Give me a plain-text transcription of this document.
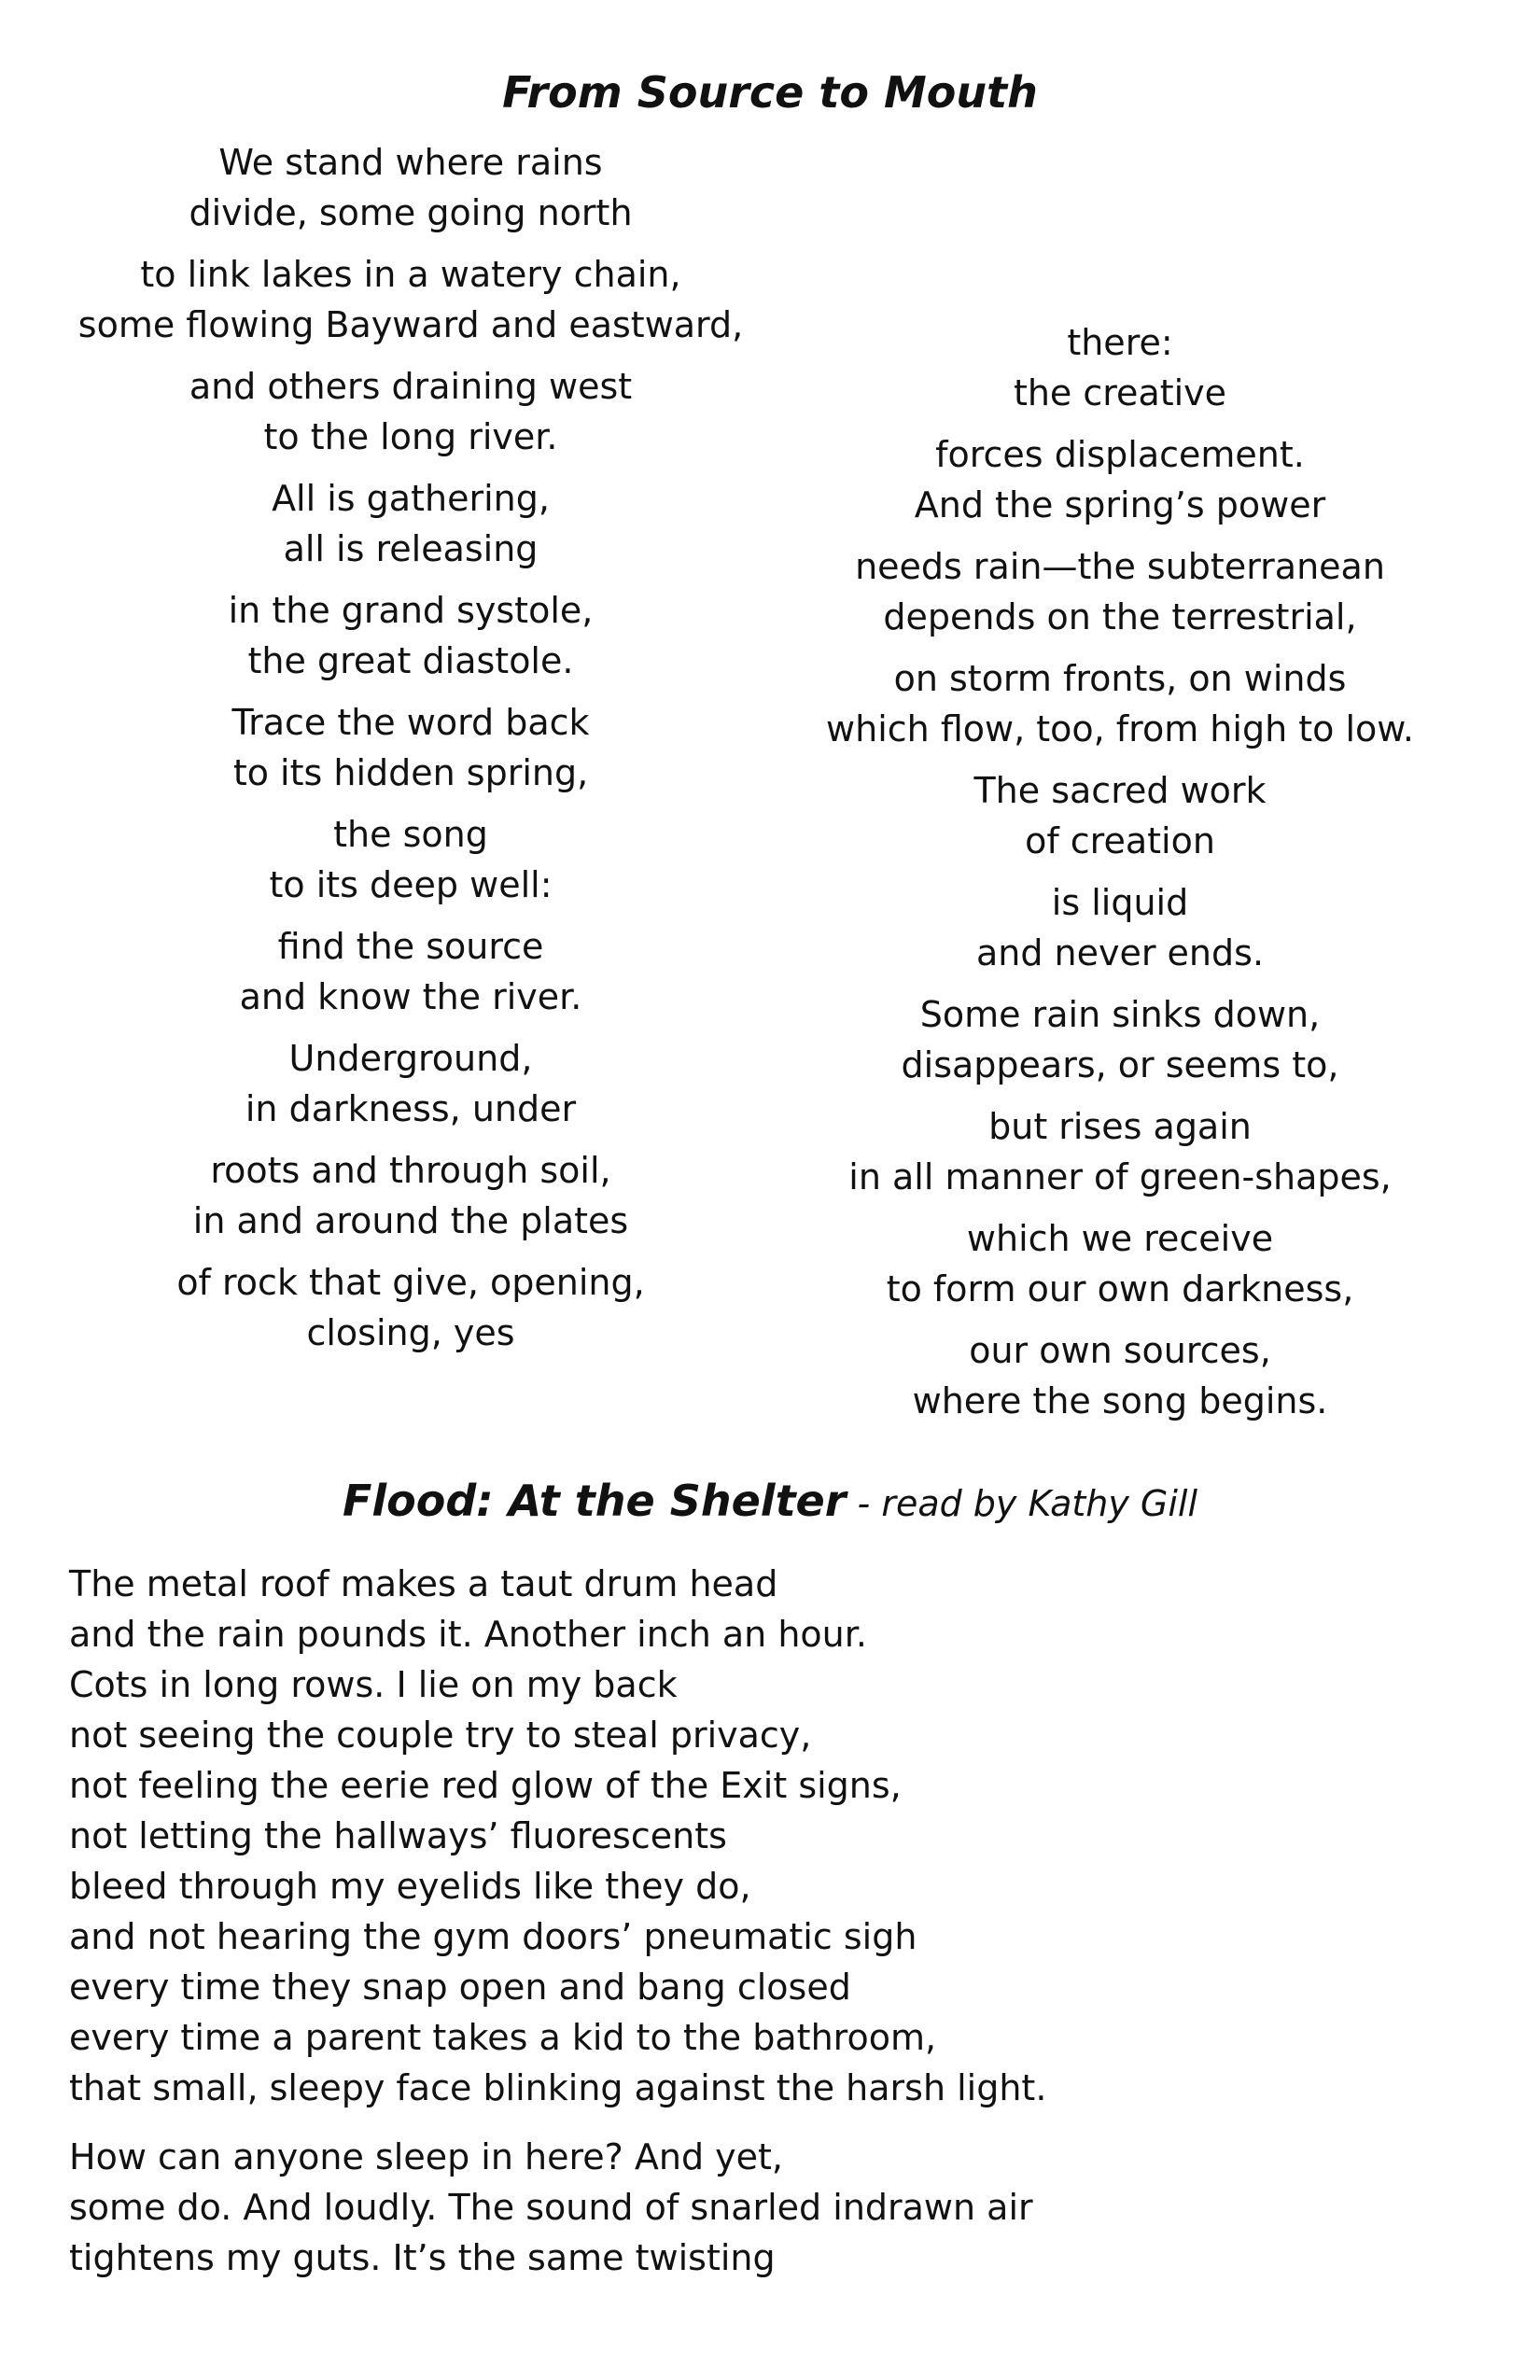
From Source to Mouth
We stand where rains
divide, some going north
to link lakes in a watery chain,
some flowing Bayward and eastward,
and others draining west
to the long river.
All is gathering,
all is releasing
in the grand systole,
the great diastole.
Trace the word back
to its hidden spring,
the song
to its deep well:
find the source
and know the river.
Underground,
in darkness, under
roots and through soil,
in and around the plates
of rock that give, opening,
closing, yes
there:
the creative
forces displacement.
And the spring’s power
needs rain—the subterranean
depends on the terrestrial,
on storm fronts, on winds
which flow, too, from high to low.
The sacred work
of creation
is liquid
and never ends.
Some rain sinks down,
disappears, or seems to,
but rises again
in all manner of green-shapes,
which we receive
to form our own darkness,
our own sources,
where the song begins.
Flood: At the Shelter - read by Kathy Gill
The metal roof makes a taut drum head
and the rain pounds it. Another inch an hour.
Cots in long rows. I lie on my back
not seeing the couple try to steal privacy,
not feeling the eerie red glow of the Exit signs,
not letting the hallways’ fluorescents
bleed through my eyelids like they do,
and not hearing the gym doors’ pneumatic sigh
every time they snap open and bang closed
every time a parent takes a kid to the bathroom,
that small, sleepy face blinking against the harsh light.
How can anyone sleep in here? And yet,
some do. And loudly. The sound of snarled indrawn air
tightens my guts. It’s the same twisting
